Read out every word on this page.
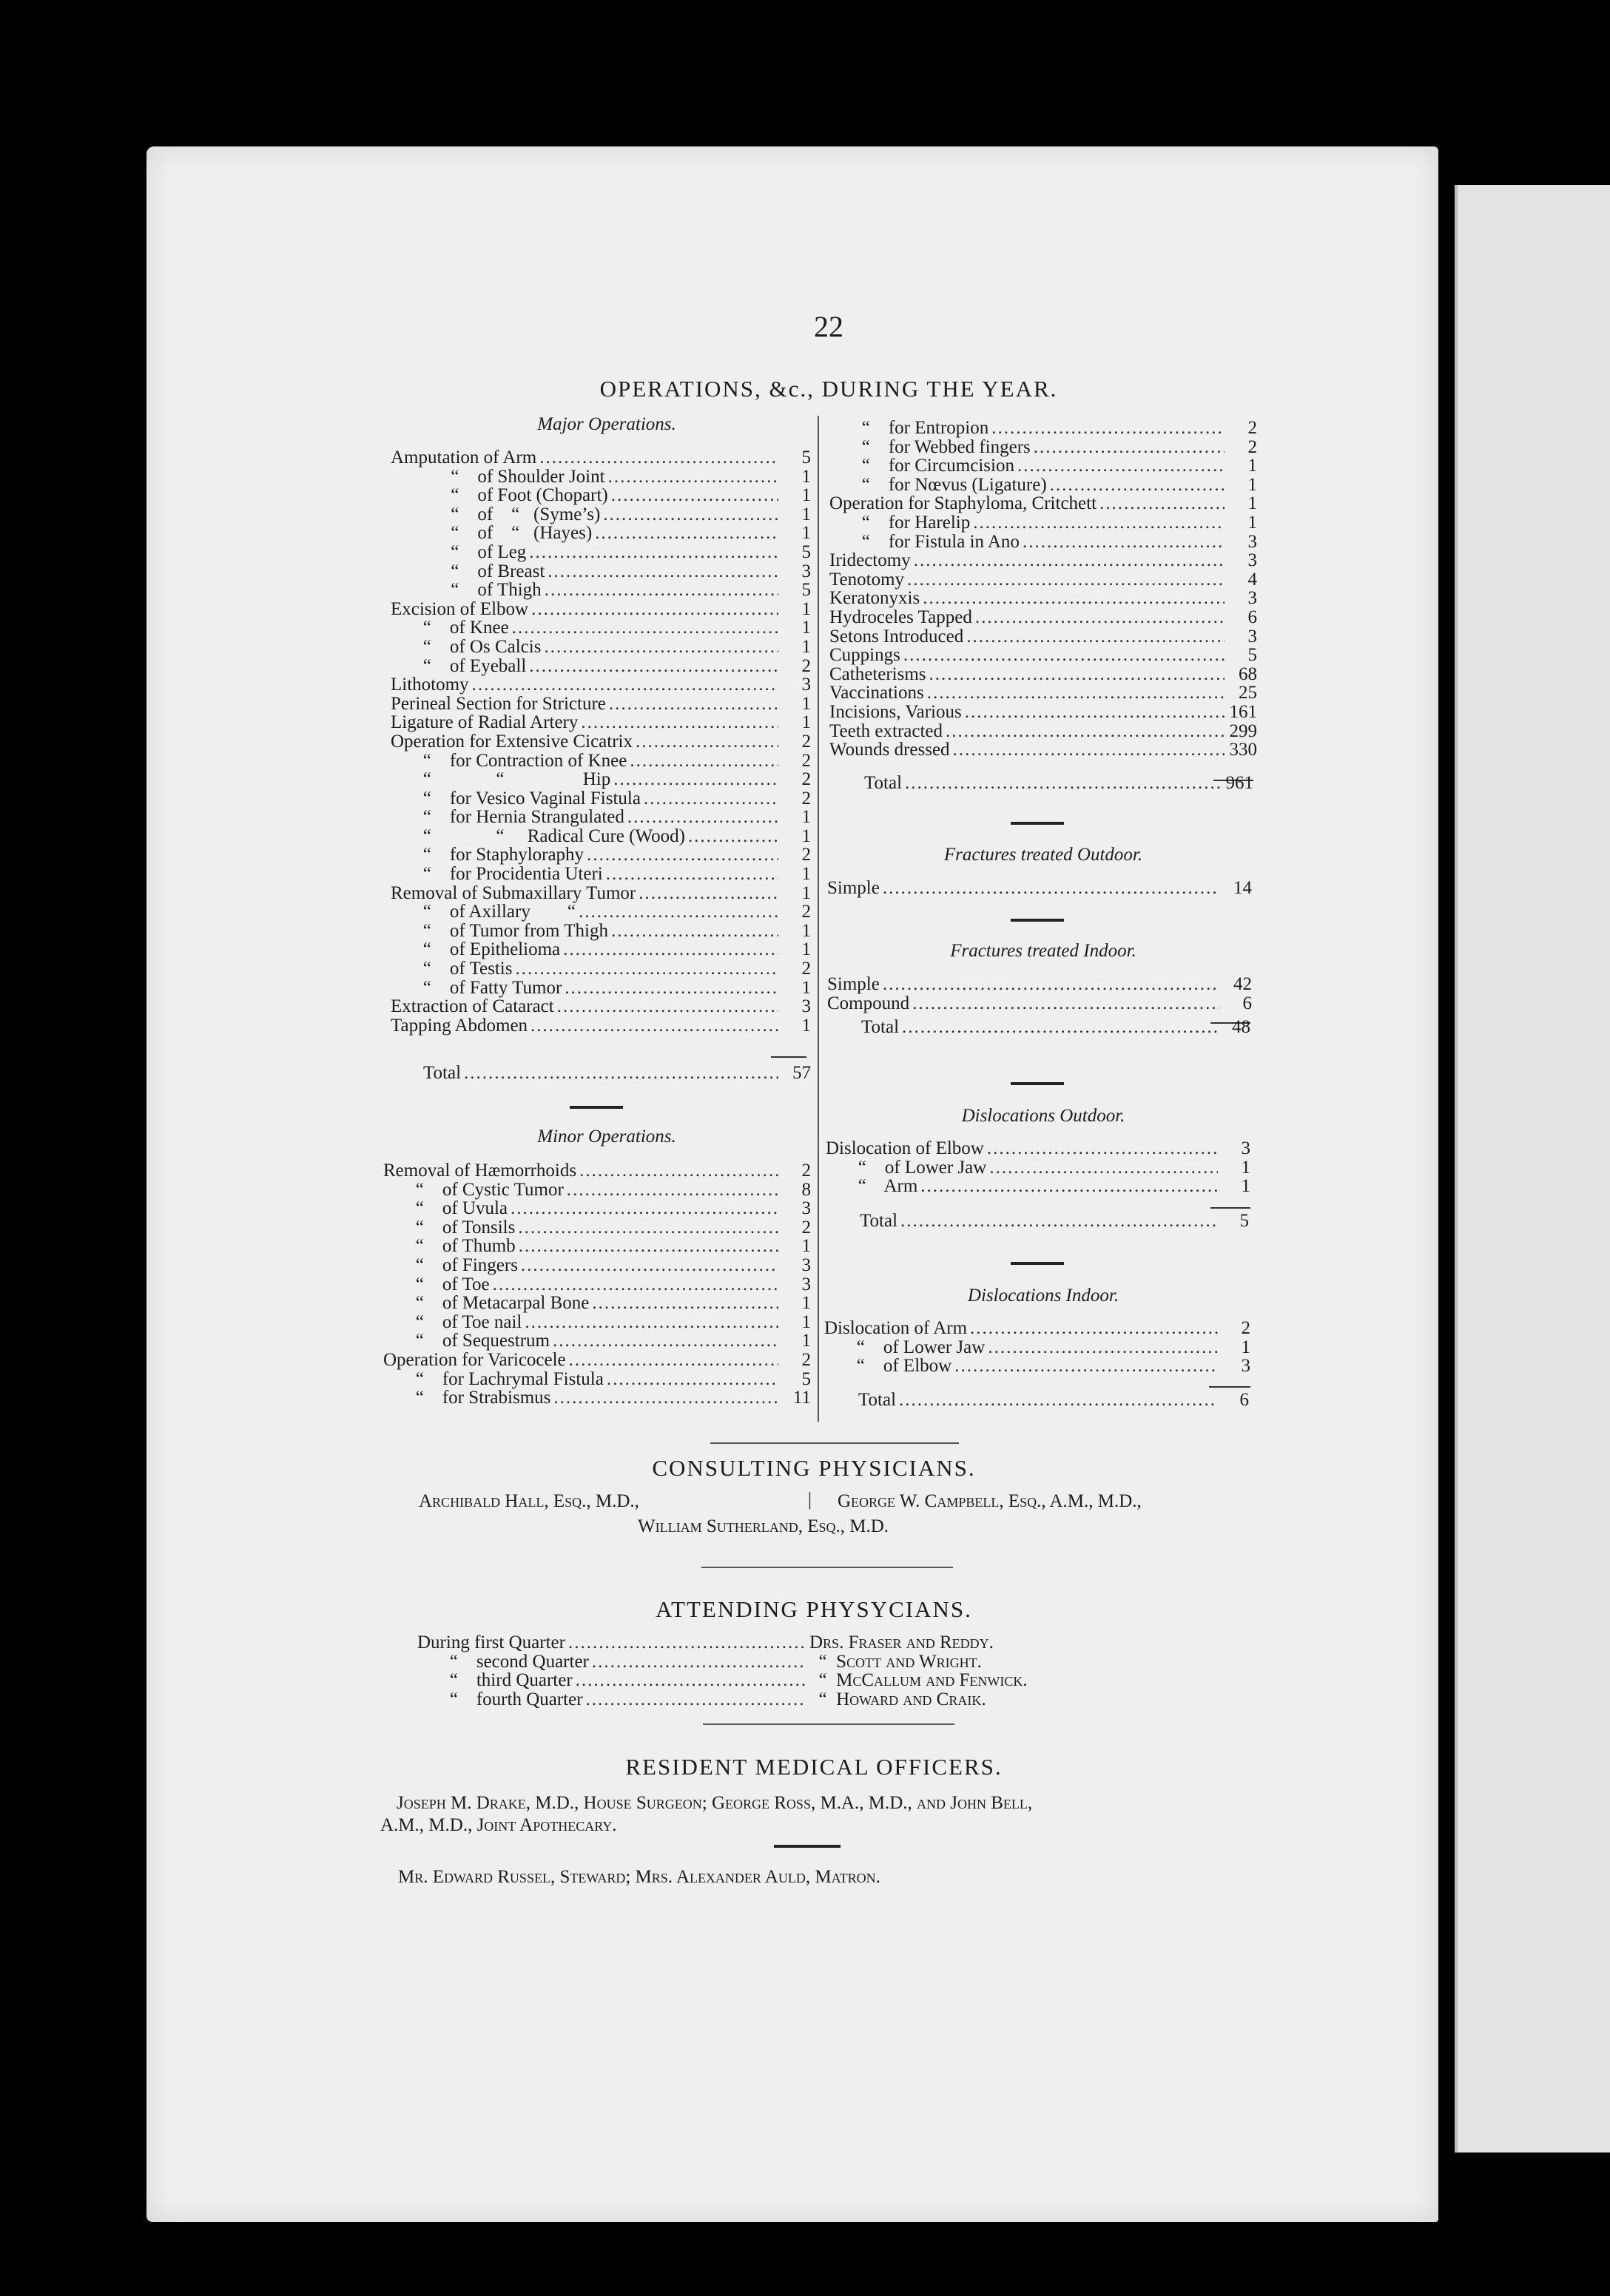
22
OPERATIONS, &c., DURING THE YEAR.
Major Operations.
Amputation of Arm .....	5
“    of Shoulder Joint .....	1
“    of Foot (Chopart) .....	1
“    of    “   (Syme’s) .....	1
“    of    “   (Hayes) .....	1
“    of Leg .....	5
“    of Breast .....	3
“    of Thigh .....	5
Excision of Elbow .....	1
“    of Knee .....	1
“    of Os Calcis .....	1
“    of Eyeball .....	2
Lithotomy .....	3
Perineal Section for Stricture .....	1
Ligature of Radial Artery .....	1
Operation for Extensive Cicatrix .....	2
“    for Contraction of Knee .....	2
“              “                 Hip .....	2
“    for Vesico Vaginal Fistula .....	2
“    for Hernia Strangulated .....	1
“              “     Radical Cure (Wood) .....	1
“    for Staphyloraphy .....	2
“    for Procidentia Uteri .....	1
Removal of Submaxillary Tumor .....	1
“    of Axillary        “ .....	2
“    of Tumor from Thigh .....	1
“    of Epithelioma .....	1
“    of Testis .....	2
“    of Fatty Tumor .....	1
Extraction of Cataract .....	3
Tapping Abdomen .....	1
Total .....	57
Minor Operations.
Removal of Hæmorrhoids .....	2
“    of Cystic Tumor .....	8
“    of Uvula .....	3
“    of Tonsils .....	2
“    of Thumb .....	1
“    of Fingers .....	3
“    of Toe .....	3
“    of Metacarpal Bone .....	1
“    of Toe nail .....	1
“    of Sequestrum .....	1
Operation for Varicocele .....	2
“    for Lachrymal Fistula .....	5
“    for Strabismus .....	11
“    for Entropion .....	2
“    for Webbed fingers .....	2
“    for Circumcision .....	1
“    for Nœvus (Ligature) .....	1
Operation for Staphyloma, Critchett .....	1
“    for Harelip .....	1
“    for Fistula in Ano .....	3
Iridectomy .....	3
Tenotomy .....	4
Keratonyxis .....	3
Hydroceles Tapped .....	6
Setons Introduced .....	3
Cuppings .....	5
Catheterisms .....	68
Vaccinations .....	25
Incisions, Various .....	161
Teeth extracted .....	299
Wounds dressed .....	330
Total .....	961
Fractures treated Outdoor.
Simple .....	14
Fractures treated Indoor.
Simple .....	42
Compound .....	6
Total .....	48
Dislocations Outdoor.
Dislocation of Elbow .....	3
“    of Lower Jaw .....	1
“    Arm .....	1
Total .....	5
Dislocations Indoor.
Dislocation of Arm .....	2
“    of Lower Jaw .....	1
“    of Elbow .....	3
Total .....	6
CONSULTING PHYSICIANS.
Archibald Hall, Esq., M.D.,	| George W. Campbell, Esq., A.M., M.D.,
William Sutherland, Esq., M.D.
ATTENDING PHYSYCIANS.
During first Quarter .....	Drs. Fraser and Reddy.
“    second Quarter .....	“  Scott and Wright.
“    third Quarter .....	“  McCallum and Fenwick.
“    fourth Quarter .....	“  Howard and Craik.
RESIDENT MEDICAL OFFICERS.
Joseph M. Drake, M.D., House Surgeon; George Ross, M.A., M.D., and John Bell,
A.M., M.D., Joint Apothecary.
Mr. Edward Russel, Steward; Mrs. Alexander Auld, Matron.
